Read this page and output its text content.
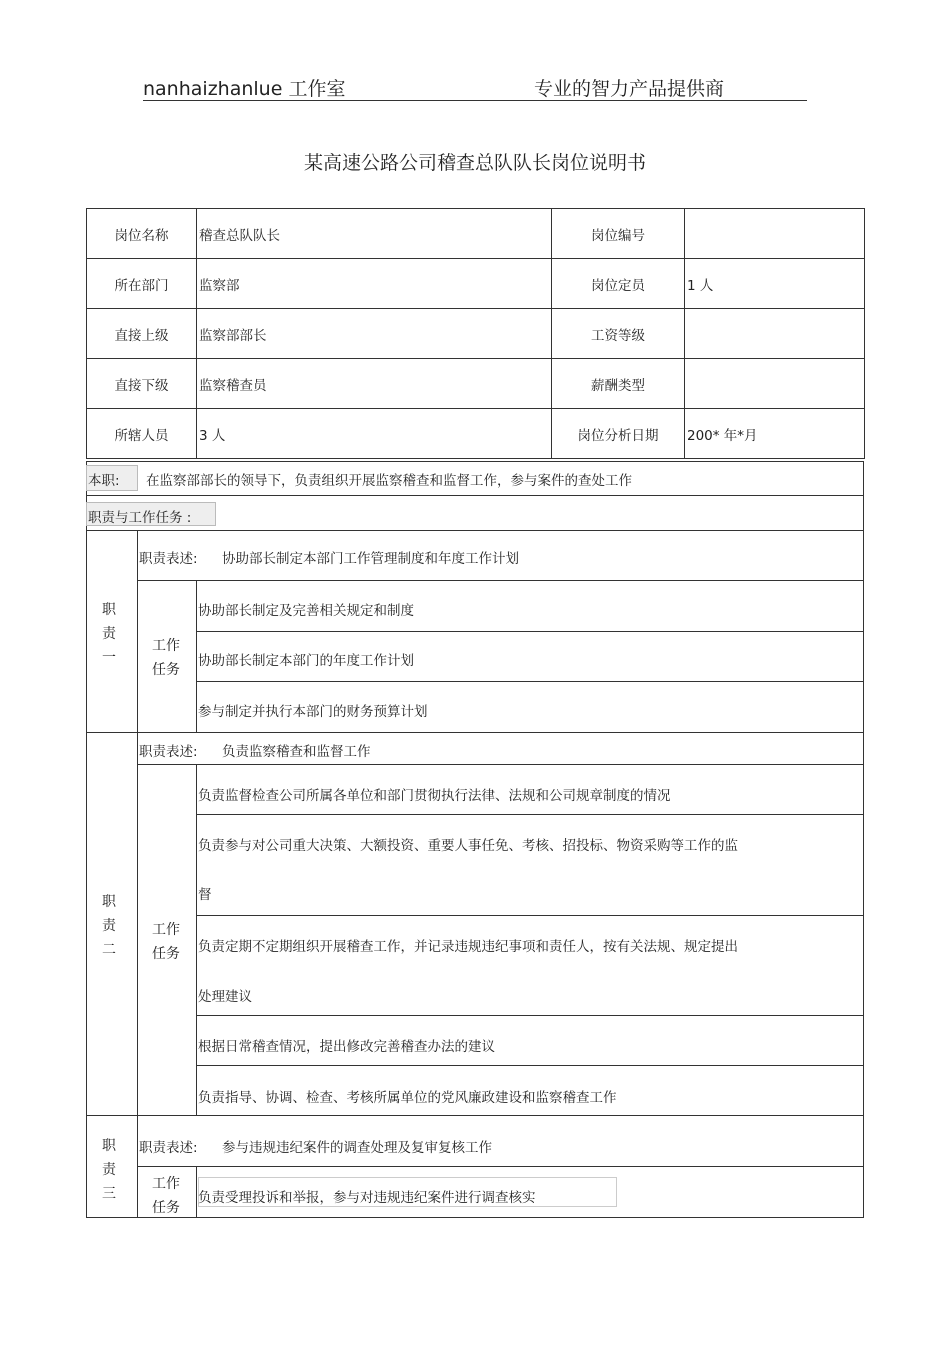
nanhaizhanlue 工作室	专业的智力产品提供商
某高速公路公司稽查总队队长岗位说明书
岗位名称	稽查总队队长	岗位编号	
所在部门	监察部	岗位定员	1 人
直接上级	监察部部长	工资等级	
直接下级	监察稽查员	薪酬类型	
所辖人员	3 人	岗位分析日期	200* 年*月
本职: 在监察部部长的领导下，负责组织开展监察稽查和监督工作，参与案件的查处工作
职责与工作任务 :
职
责
一
职责表述: 协助部长制定本部门工作管理制度和年度工作计划
工作
任务
协助部长制定及完善相关规定和制度
协助部长制定本部门的年度工作计划
参与制定并执行本部门的财务预算计划
职
责
二
职责表述: 负责监察稽查和监督工作
工作
任务
负责监督检查公司所属各单位和部门贯彻执行法律、法规和公司规章制度的情况
负责参与对公司重大决策、大额投资、重要人事任免、考核、招投标、物资采购等工作的监
督
负责定期不定期组织开展稽查工作，并记录违规违纪事项和责任人，按有关法规、规定提出
处理建议
根据日常稽查情况，提出修改完善稽查办法的建议
负责指导、协调、检查、考核所属单位的党风廉政建设和监察稽查工作
职
责
三
职责表述: 参与违规违纪案件的调查处理及复审复核工作
工作
任务
负责受理投诉和举报，参与对违规违纪案件进行调查核实
